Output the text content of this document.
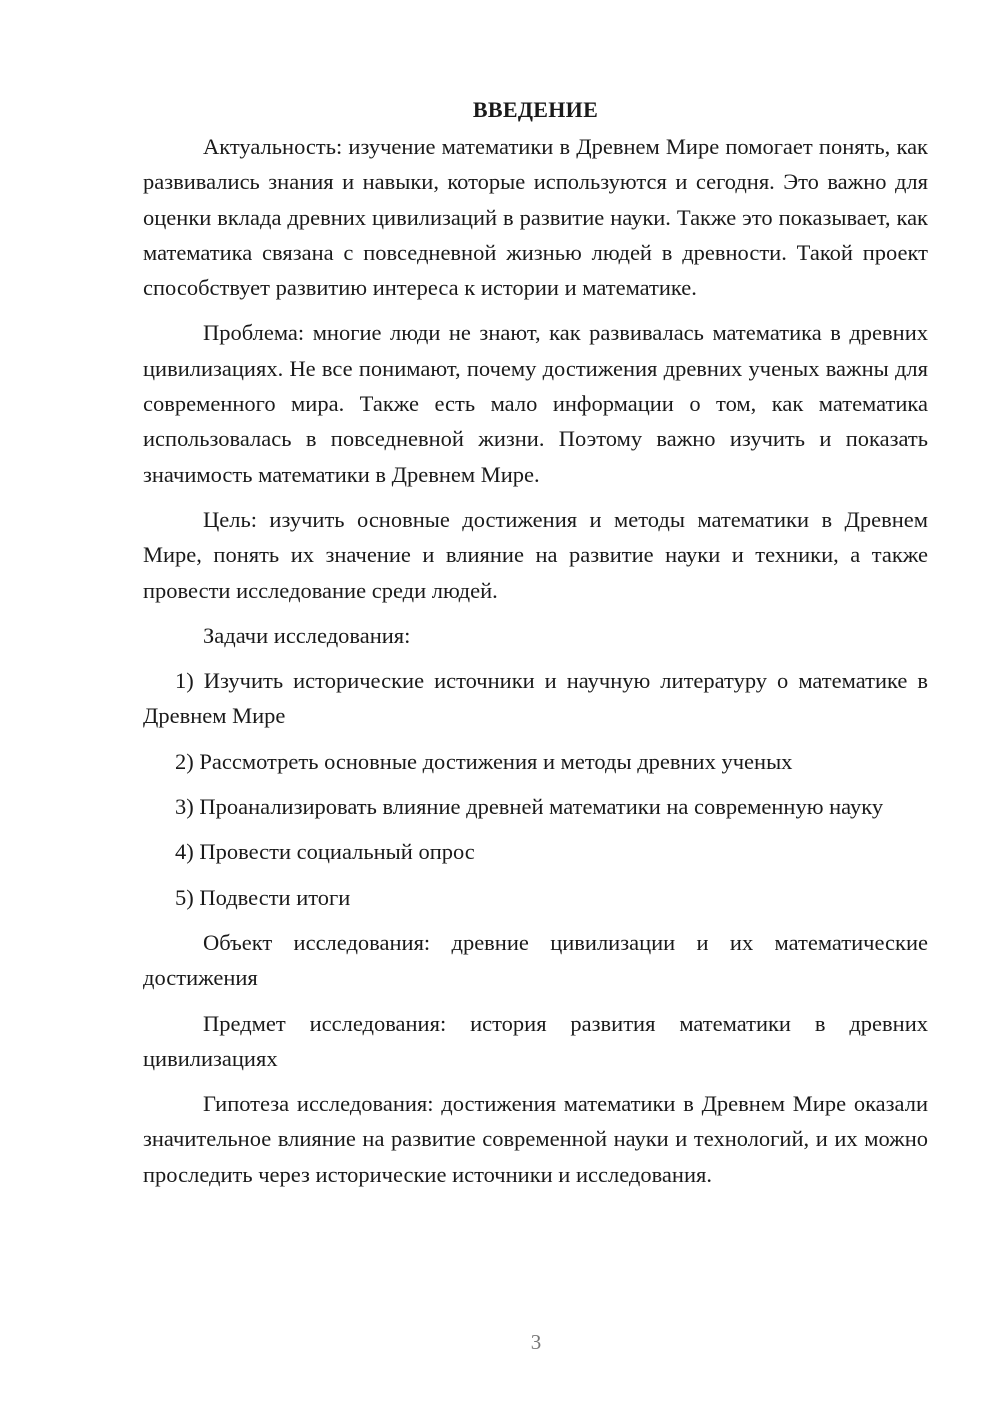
ВВЕДЕНИЕ

Актуальность: изучение математики в Древнем Мире помогает понять, как развивались знания и навыки, которые используются и сегодня. Это важно для оценки вклада древних цивилизаций в развитие науки. Также это показывает, как математика связана с повседневной жизнью людей в древности. Такой проект способствует развитию интереса к истории и математике.

Проблема: многие люди не знают, как развивалась математика в древних цивилизациях. Не все понимают, почему достижения древних ученых важны для современного мира. Также есть мало информации о том, как математика использовалась в повседневной жизни. Поэтому важно изучить и показать значимость математики в Древнем Мире.

Цель: изучить основные достижения и методы математики в Древнем Мире, понять их значение и влияние на развитие науки и техники, а также провести исследование среди людей.

Задачи исследования:

1) Изучить исторические источники и научную литературу о математике в Древнем Мире

2) Рассмотреть основные достижения и методы древних ученых

3) Проанализировать влияние древней математики на современную науку

4) Провести социальный опрос

5) Подвести итоги

Объект исследования: древние цивилизации и их математические достижения

Предмет исследования: история развития математики в древних цивилизациях

Гипотеза исследования: достижения математики в Древнем Мире оказали значительное влияние на развитие современной науки и технологий, и их можно проследить через исторические источники и исследования.

3
